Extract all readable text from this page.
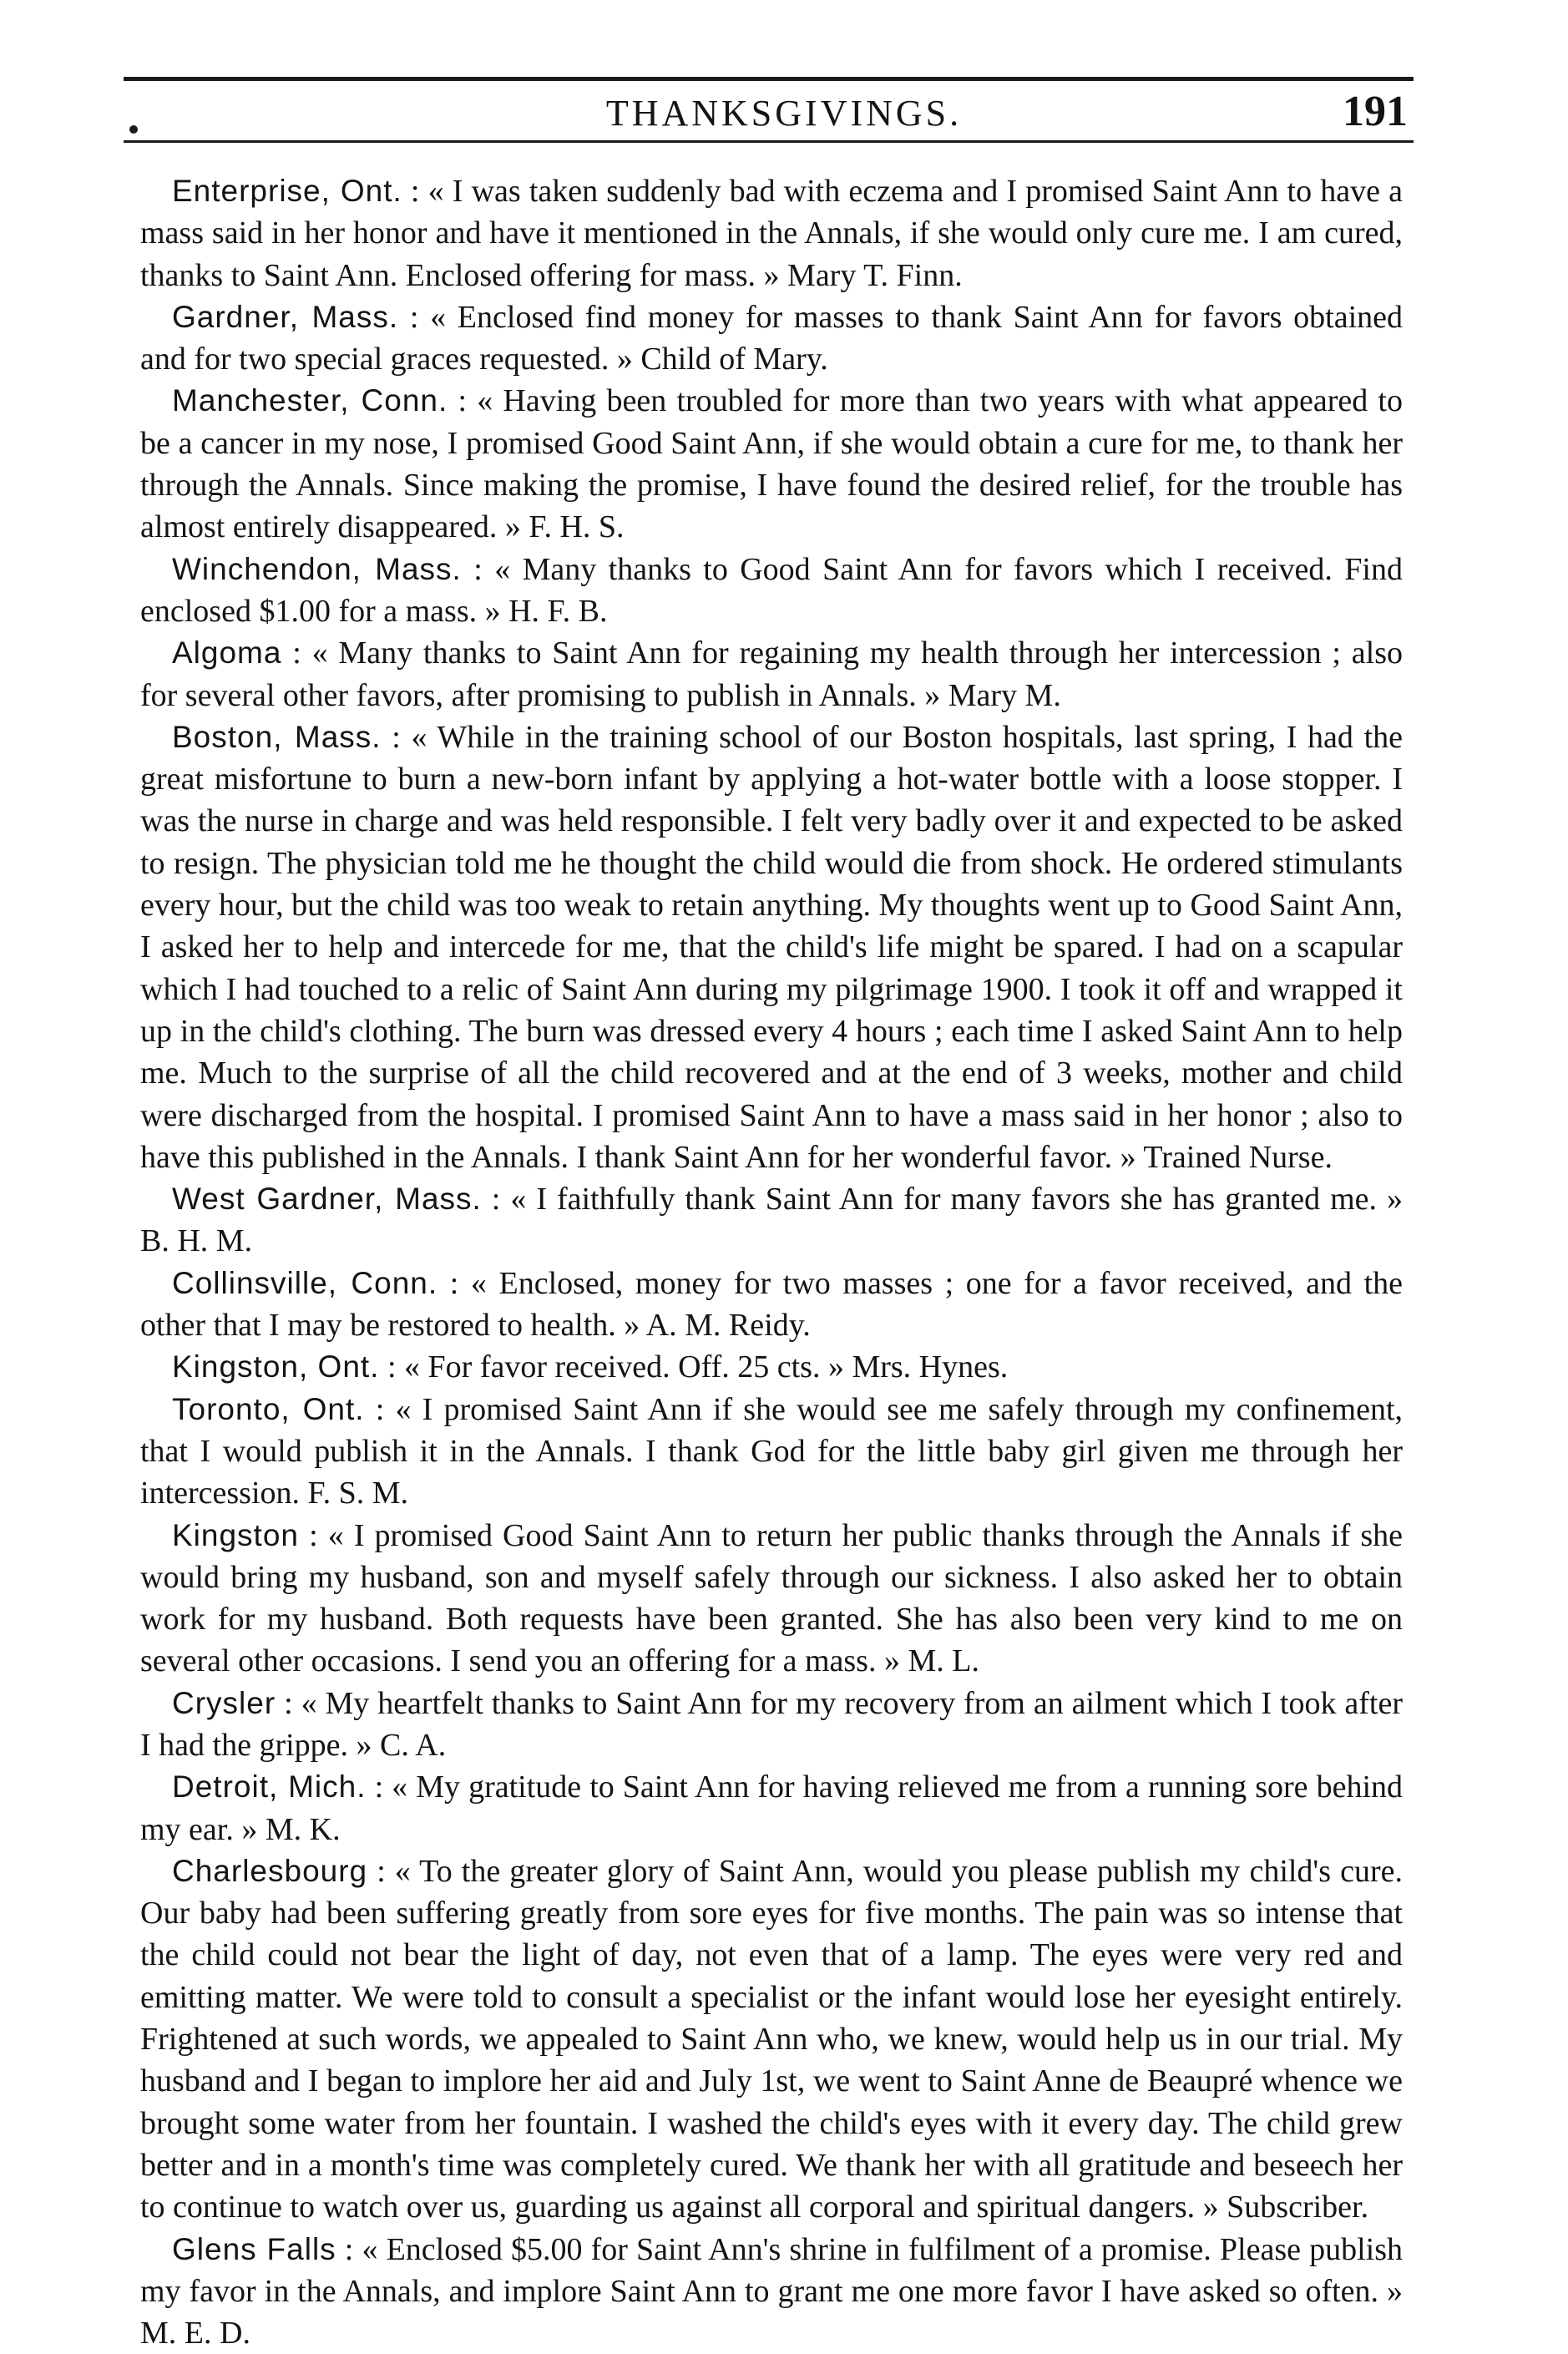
THANKSGIVINGS.	191

Enterprise, Ont. : « I was taken suddenly bad with eczema and I promised Saint Ann to have a mass said in her honor and have it mentioned in the Annals, if she would only cure me. I am cured, thanks to Saint Ann. Enclosed offering for mass. » Mary T. Finn.

Gardner, Mass. : « Enclosed find money for masses to thank Saint Ann for favors obtained and for two special graces requested. » Child of Mary.

Manchester, Conn. : « Having been troubled for more than two years with what appeared to be a cancer in my nose, I promised Good Saint Ann, if she would obtain a cure for me, to thank her through the Annals. Since making the promise, I have found the desired relief, for the trouble has almost entirely disappeared. » F. H. S.

Winchendon, Mass. : « Many thanks to Good Saint Ann for favors which I received. Find enclosed $1.00 for a mass. » H. F. B.

Algoma : « Many thanks to Saint Ann for regaining my health through her intercession ; also for several other favors, after promising to publish in Annals. » Mary M.

Boston, Mass. : « While in the training school of our Boston hospitals, last spring, I had the great misfortune to burn a new-born infant by applying a hot-water bottle with a loose stopper. I was the nurse in charge and was held responsible. I felt very badly over it and expected to be asked to resign. The physician told me he thought the child would die from shock. He ordered stimulants every hour, but the child was too weak to retain anything. My thoughts went up to Good Saint Ann, I asked her to help and intercede for me, that the child's life might be spared. I had on a scapular which I had touched to a relic of Saint Ann during my pilgrimage 1900. I took it off and wrapped it up in the child's clothing. The burn was dressed every 4 hours ; each time I asked Saint Ann to help me. Much to the surprise of all the child recovered and at the end of 3 weeks, mother and child were discharged from the hospital. I promised Saint Ann to have a mass said in her honor ; also to have this published in the Annals. I thank Saint Ann for her wonderful favor. » Trained Nurse.

West Gardner, Mass. : « I faithfully thank Saint Ann for many favors she has granted me. » B. H. M.

Collinsville, Conn. : « Enclosed, money for two masses ; one for a favor received, and the other that I may be restored to health. » A. M. Reidy.

Kingston, Ont. : « For favor received. Off. 25 cts. » Mrs. Hynes.

Toronto, Ont. : « I promised Saint Ann if she would see me safely through my confinement, that I would publish it in the Annals. I thank God for the little baby girl given me through her intercession. F. S. M.

Kingston : « I promised Good Saint Ann to return her public thanks through the Annals if she would bring my husband, son and myself safely through our sickness. I also asked her to obtain work for my husband. Both requests have been granted. She has also been very kind to me on several other occasions. I send you an offering for a mass. » M. L.

Crysler : « My heartfelt thanks to Saint Ann for my recovery from an ailment which I took after I had the grippe. » C. A.

Detroit, Mich. : « My gratitude to Saint Ann for having relieved me from a running sore behind my ear. » M. K.

Charlesbourg : « To the greater glory of Saint Ann, would you please publish my child's cure. Our baby had been suffering greatly from sore eyes for five months. The pain was so intense that the child could not bear the light of day, not even that of a lamp. The eyes were very red and emitting matter. We were told to consult a specialist or the infant would lose her eyesight entirely. Frightened at such words, we appealed to Saint Ann who, we knew, would help us in our trial. My husband and I began to implore her aid and July 1st, we went to Saint Anne de Beaupré whence we brought some water from her fountain. I washed the child's eyes with it every day. The child grew better and in a month's time was completely cured. We thank her with all gratitude and beseech her to continue to watch over us, guarding us against all corporal and spiritual dangers. » Subscriber.

Glens Falls : « Enclosed $5.00 for Saint Ann's shrine in fulfilment of a promise. Please publish my favor in the Annals, and implore Saint Ann to grant me one more favor I have asked so often. » M. E. D.
